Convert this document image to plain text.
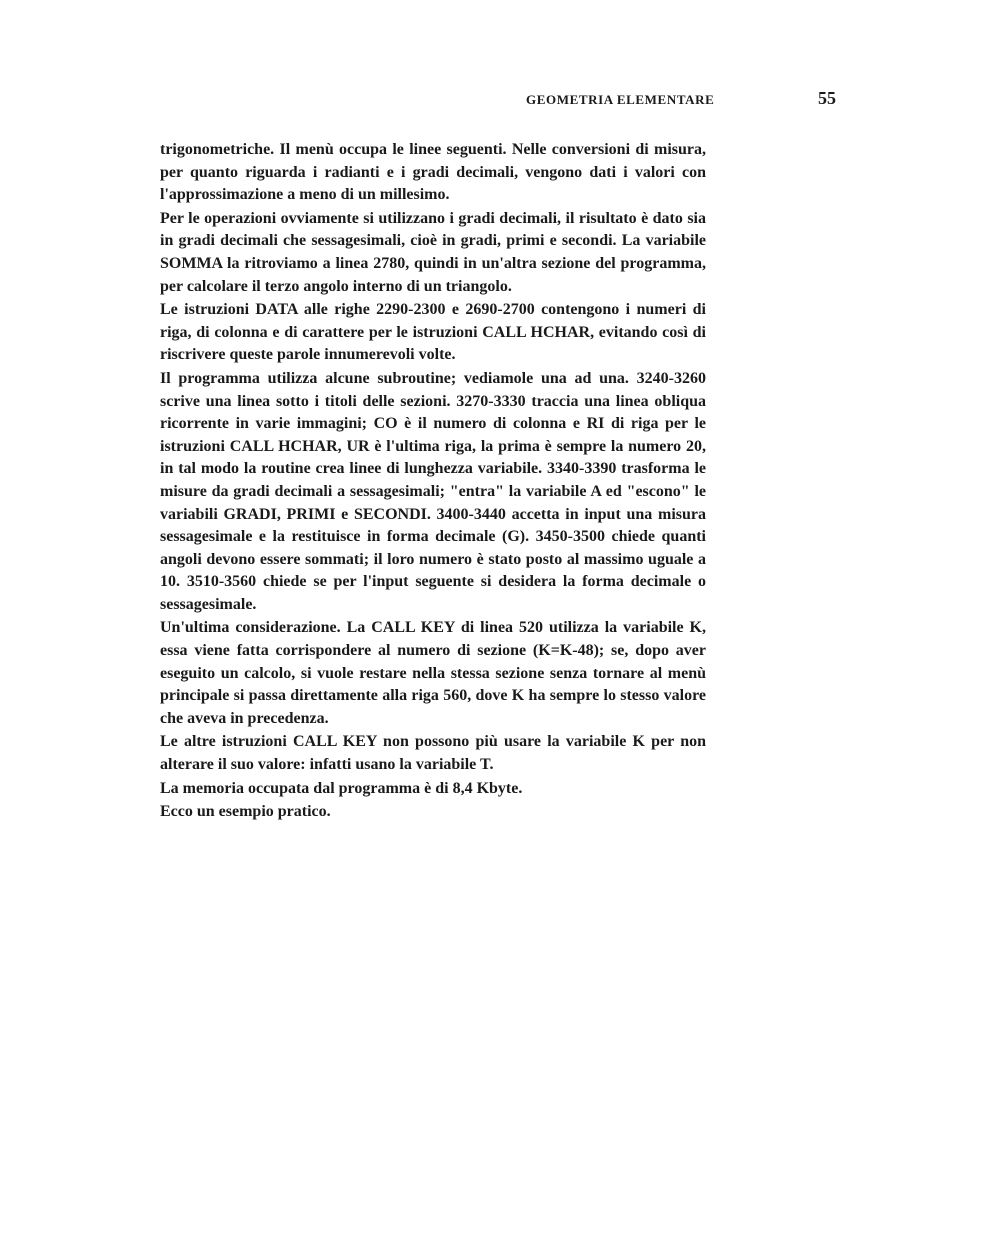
GEOMETRIA ELEMENTARE	55

trigonometriche. Il menù occupa le linee seguenti. Nelle conversioni di misura, per quanto riguarda i radianti e i gradi decimali, vengono dati i valori con l'approssimazione a meno di un millesimo.

Per le operazioni ovviamente si utilizzano i gradi decimali, il risultato è dato sia in gradi decimali che sessagesimali, cioè in gradi, primi e secondi. La variabile SOMMA la ritroviamo a linea 2780, quindi in un'altra sezione del programma, per calcolare il terzo angolo interno di un triangolo.

Le istruzioni DATA alle righe 2290-2300 e 2690-2700 contengono i numeri di riga, di colonna e di carattere per le istruzioni CALL HCHAR, evitando così di riscrivere queste parole innumerevoli volte.

Il programma utilizza alcune subroutine; vediamole una ad una. 3240-3260 scrive una linea sotto i titoli delle sezioni. 3270-3330 traccia una linea obliqua ricorrente in varie immagini; CO è il numero di colonna e RI di riga per le istruzioni CALL HCHAR, UR è l'ultima riga, la prima è sempre la numero 20, in tal modo la routine crea linee di lunghezza variabile. 3340-3390 trasforma le misure da gradi decimali a sessagesimali; "entra" la variabile A ed "escono" le variabili GRADI, PRIMI e SECONDI. 3400-3440 accetta in input una misura sessagesimale e la restituisce in forma decimale (G). 3450-3500 chiede quanti angoli devono essere sommati; il loro numero è stato posto al massimo uguale a 10. 3510-3560 chiede se per l'input seguente si desidera la forma decimale o sessagesimale.

Un'ultima considerazione. La CALL KEY di linea 520 utilizza la variabile K, essa viene fatta corrispondere al numero di sezione (K=K-48); se, dopo aver eseguito un calcolo, si vuole restare nella stessa sezione senza tornare al menù principale si passa direttamente alla riga 560, dove K ha sempre lo stesso valore che aveva in precedenza.

Le altre istruzioni CALL KEY non possono più usare la variabile K per non alterare il suo valore: infatti usano la variabile T.

La memoria occupata dal programma è di 8,4 Kbyte.

Ecco un esempio pratico.
